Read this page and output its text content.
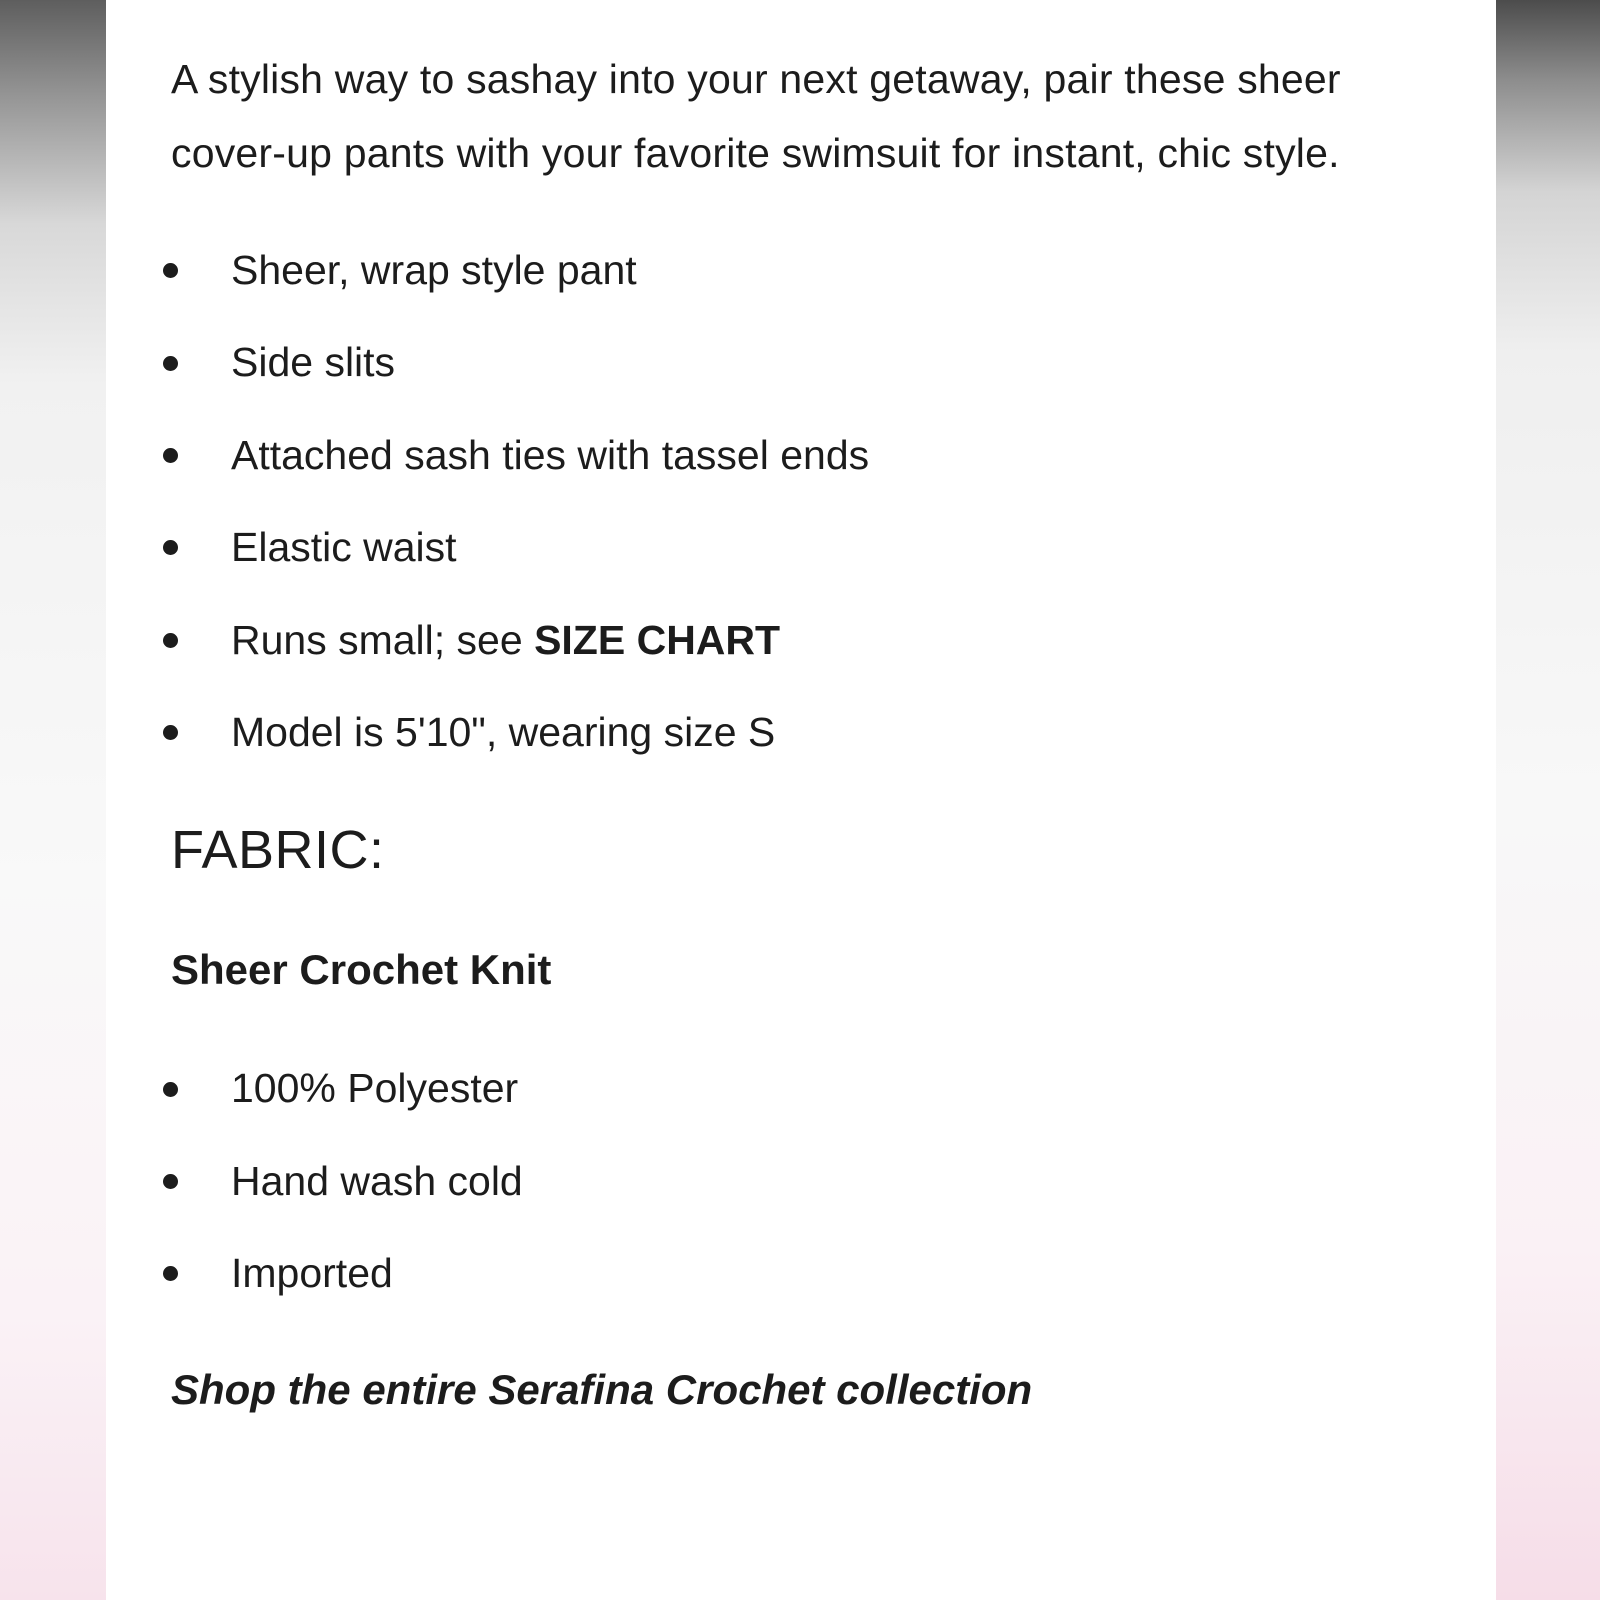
A stylish way to sashay into your next getaway, pair these sheer cover-up pants with your favorite swimsuit for instant, chic style.

Sheer, wrap style pant
Side slits
Attached sash ties with tassel ends
Elastic waist
Runs small; see SIZE CHART
Model is 5'10", wearing size S
FABRIC:

Sheer Crochet Knit

100% Polyester
Hand wash cold
Imported
Shop the entire Serafina Crochet collection
